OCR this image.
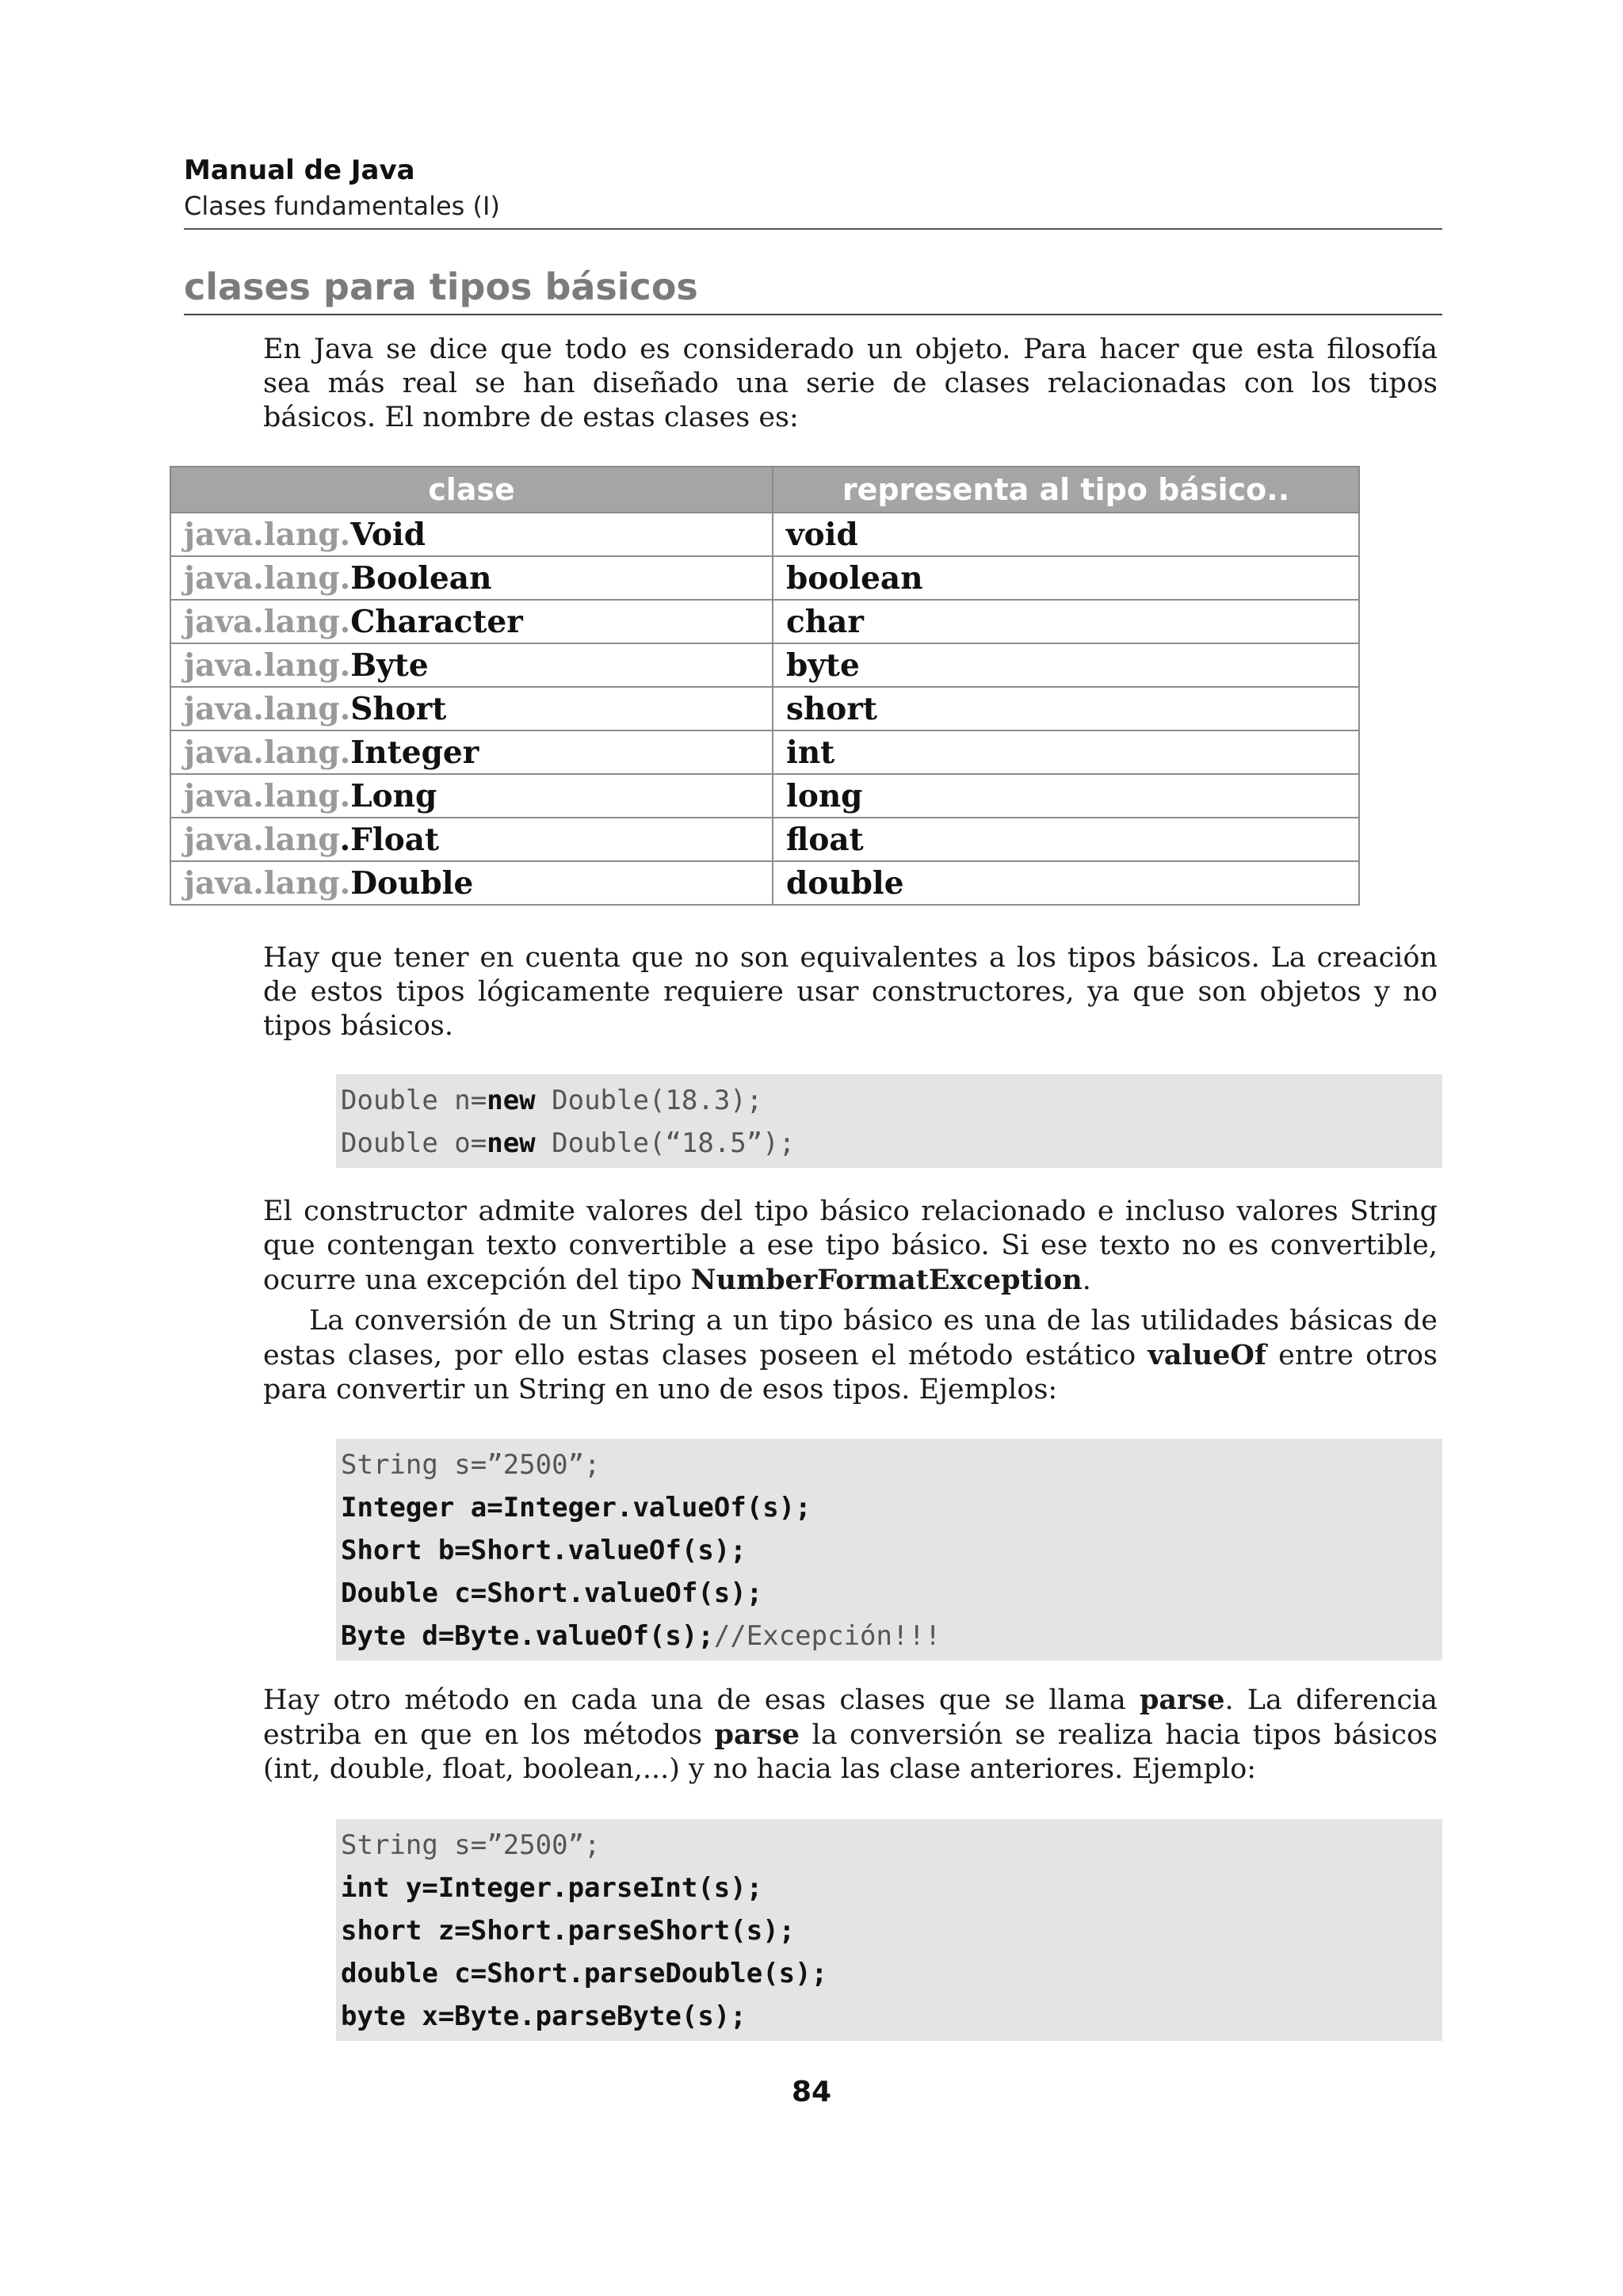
Manual de Java
Clases fundamentales (I)
clases para tipos básicos

En Java se dice que todo es considerado un objeto. Para hacer que esta filosofía sea más real se han diseñado una serie de clases relacionadas con los tipos básicos. El nombre de estas clases es:

clase	representa al tipo básico..
java.lang.Void	void
java.lang.Boolean	boolean
java.lang.Character	char
java.lang.Byte	byte
java.lang.Short	short
java.lang.Integer	int
java.lang.Long	long
java.lang.Float	float
java.lang.Double	double

Hay que tener en cuenta que no son equivalentes a los tipos básicos. La creación de estos tipos lógicamente requiere usar constructores, ya que son objetos y no tipos básicos.

Double n=new Double(18.3);
Double o=new Double(“18.5”);

El constructor admite valores del tipo básico relacionado e incluso valores String que contengan texto convertible a ese tipo básico. Si ese texto no es convertible, ocurre una excepción del tipo NumberFormatException.

La conversión de un String a un tipo básico es una de las utilidades básicas de estas clases, por ello estas clases poseen el método estático valueOf entre otros para convertir un String en uno de esos tipos. Ejemplos:

String s=”2500”;
Integer a=Integer.valueOf(s);
Short b=Short.valueOf(s);
Double c=Short.valueOf(s);
Byte d=Byte.valueOf(s);//Excepción!!!

Hay otro método en cada una de esas clases que se llama parse. La diferencia estriba en que en los métodos parse la conversión se realiza hacia tipos básicos (int, double, float, boolean,...) y no hacia las clase anteriores. Ejemplo:

String s=”2500”;
int y=Integer.parseInt(s);
short z=Short.parseShort(s);
double c=Short.parseDouble(s);
byte x=Byte.parseByte(s);
84
